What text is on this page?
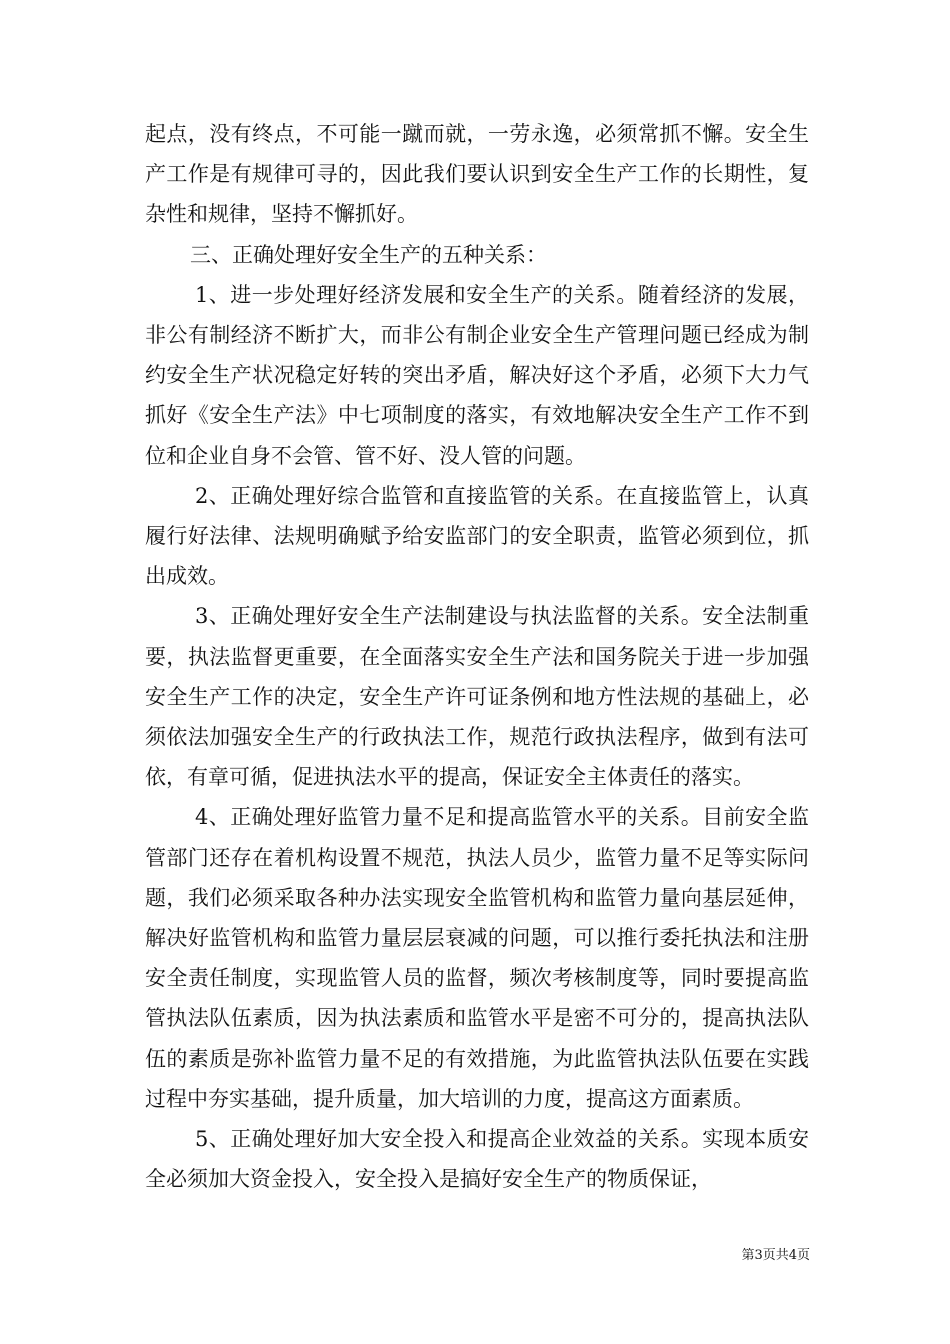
起点，没有终点，不可能一蹴而就，一劳永逸，必须常抓不懈。安全生产工作是有规律可寻的，因此我们要认识到安全生产工作的长期性，复杂性和规律，坚持不懈抓好。

三、正确处理好安全生产的五种关系：

1、进一步处理好经济发展和安全生产的关系。随着经济的发展，非公有制经济不断扩大，而非公有制企业安全生产管理问题已经成为制约安全生产状况稳定好转的突出矛盾，解决好这个矛盾，必须下大力气抓好《安全生产法》中七项制度的落实，有效地解决安全生产工作不到位和企业自身不会管、管不好、没人管的问题。

2、正确处理好综合监管和直接监管的关系。在直接监管上，认真履行好法律、法规明确赋予给安监部门的安全职责，监管必须到位，抓出成效。

3、正确处理好安全生产法制建设与执法监督的关系。安全法制重要，执法监督更重要，在全面落实安全生产法和国务院关于进一步加强安全生产工作的决定，安全生产许可证条例和地方性法规的基础上，必须依法加强安全生产的行政执法工作，规范行政执法程序，做到有法可依，有章可循，促进执法水平的提高，保证安全主体责任的落实。

4、正确处理好监管力量不足和提高监管水平的关系。目前安全监管部门还存在着机构设置不规范，执法人员少，监管力量不足等实际问题，我们必须采取各种办法实现安全监管机构和监管力量向基层延伸，解决好监管机构和监管力量层层衰减的问题，可以推行委托执法和注册安全责任制度，实现监管人员的监督，频次考核制度等，同时要提高监管执法队伍素质，因为执法素质和监管水平是密不可分的，提高执法队伍的素质是弥补监管力量不足的有效措施，为此监管执法队伍要在实践过程中夯实基础，提升质量，加大培训的力度，提高这方面素质。

5、正确处理好加大安全投入和提高企业效益的关系。实现本质安全必须加大资金投入，安全投入是搞好安全生产的物质保证，

第3页共4页
